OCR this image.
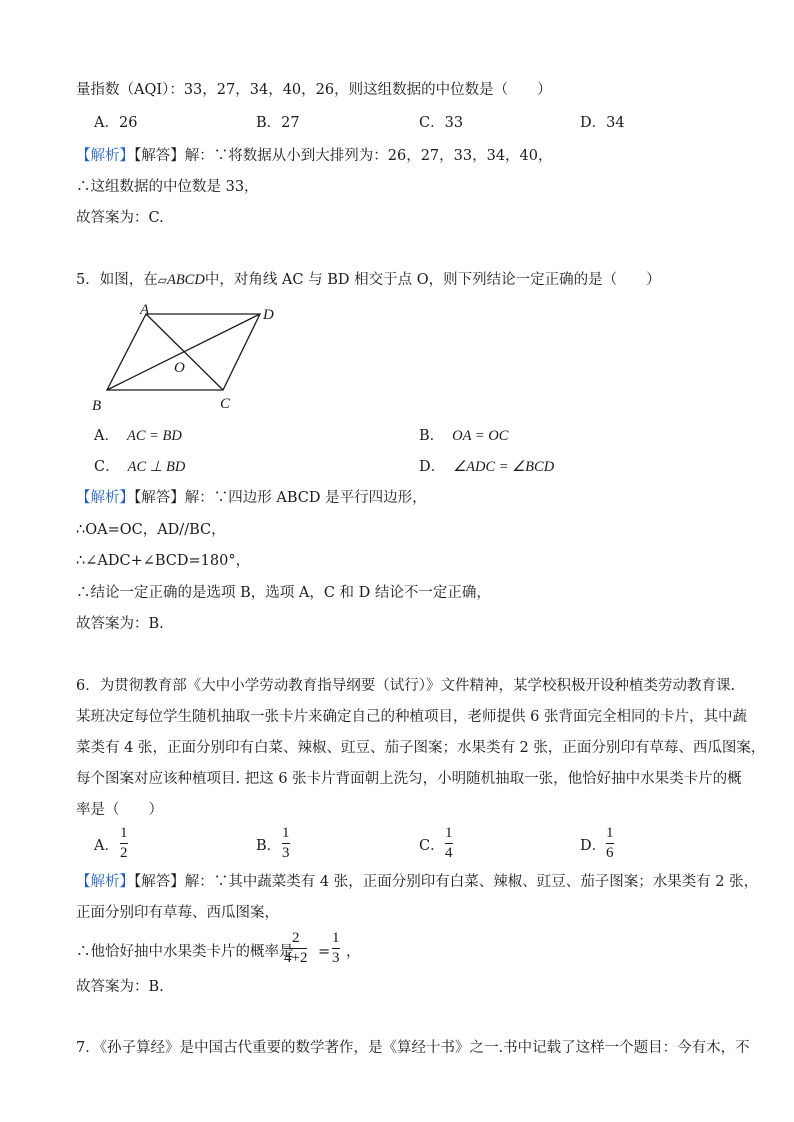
量指数（AQI）：33，27，34，40，26，则这组数据的中位数是（　　）
A．26	B．27	C．33	D．34
【解析】【解答】解：∵将数据从小到大排列为：26，27，33，34，40，
∴这组数据的中位数是 33，
故答案为：C.
5．如图，在▱ABCD中，对角线 AC 与 BD 相交于点 O，则下列结论一定正确的是（　　）
A	D
O
B	C
A． AC = BD	B． OA = OC
C． AC ⊥ BD	D． ∠ADC = ∠BCD
【解析】【解答】解：∵四边形 ABCD 是平行四边形，
∴OA=OC，AD//BC，
∴∠ADC+∠BCD=180°，
∴结论一定正确的是选项 B，选项 A，C 和 D 结论不一定正确，
故答案为：B.
6．为贯彻教育部《大中小学劳动教育指导纲要（试行）》文件精神，某学校积极开设种植类劳动教育课.
某班决定每位学生随机抽取一张卡片来确定自己的种植项目，老师提供 6 张背面完全相同的卡片，其中蔬
菜类有 4 张，正面分别印有白菜、辣椒、豇豆、茄子图案；水果类有 2 张，正面分别印有草莓、西瓜图案，
每个图案对应该种植项目. 把这 6 张卡片背面朝上洗匀，小明随机抽取一张，他恰好抽中水果类卡片的概
率是（　　）
A．
1
2	B．
1
3	C．
1
4	D．
1
6
【解析】【解答】解：∵其中蔬菜类有 4 张，正面分别印有白菜、辣椒、豇豆、茄子图案；水果类有 2 张，
正面分别印有草莓、西瓜图案，
∴他恰好抽中水果类卡片的概率是
2
4+2 =
1
3 ，
故答案为：B.
7．《孙子算经》是中国古代重要的数学著作，是《算经十书》之一.书中记载了这样一个题目：今有木，不
